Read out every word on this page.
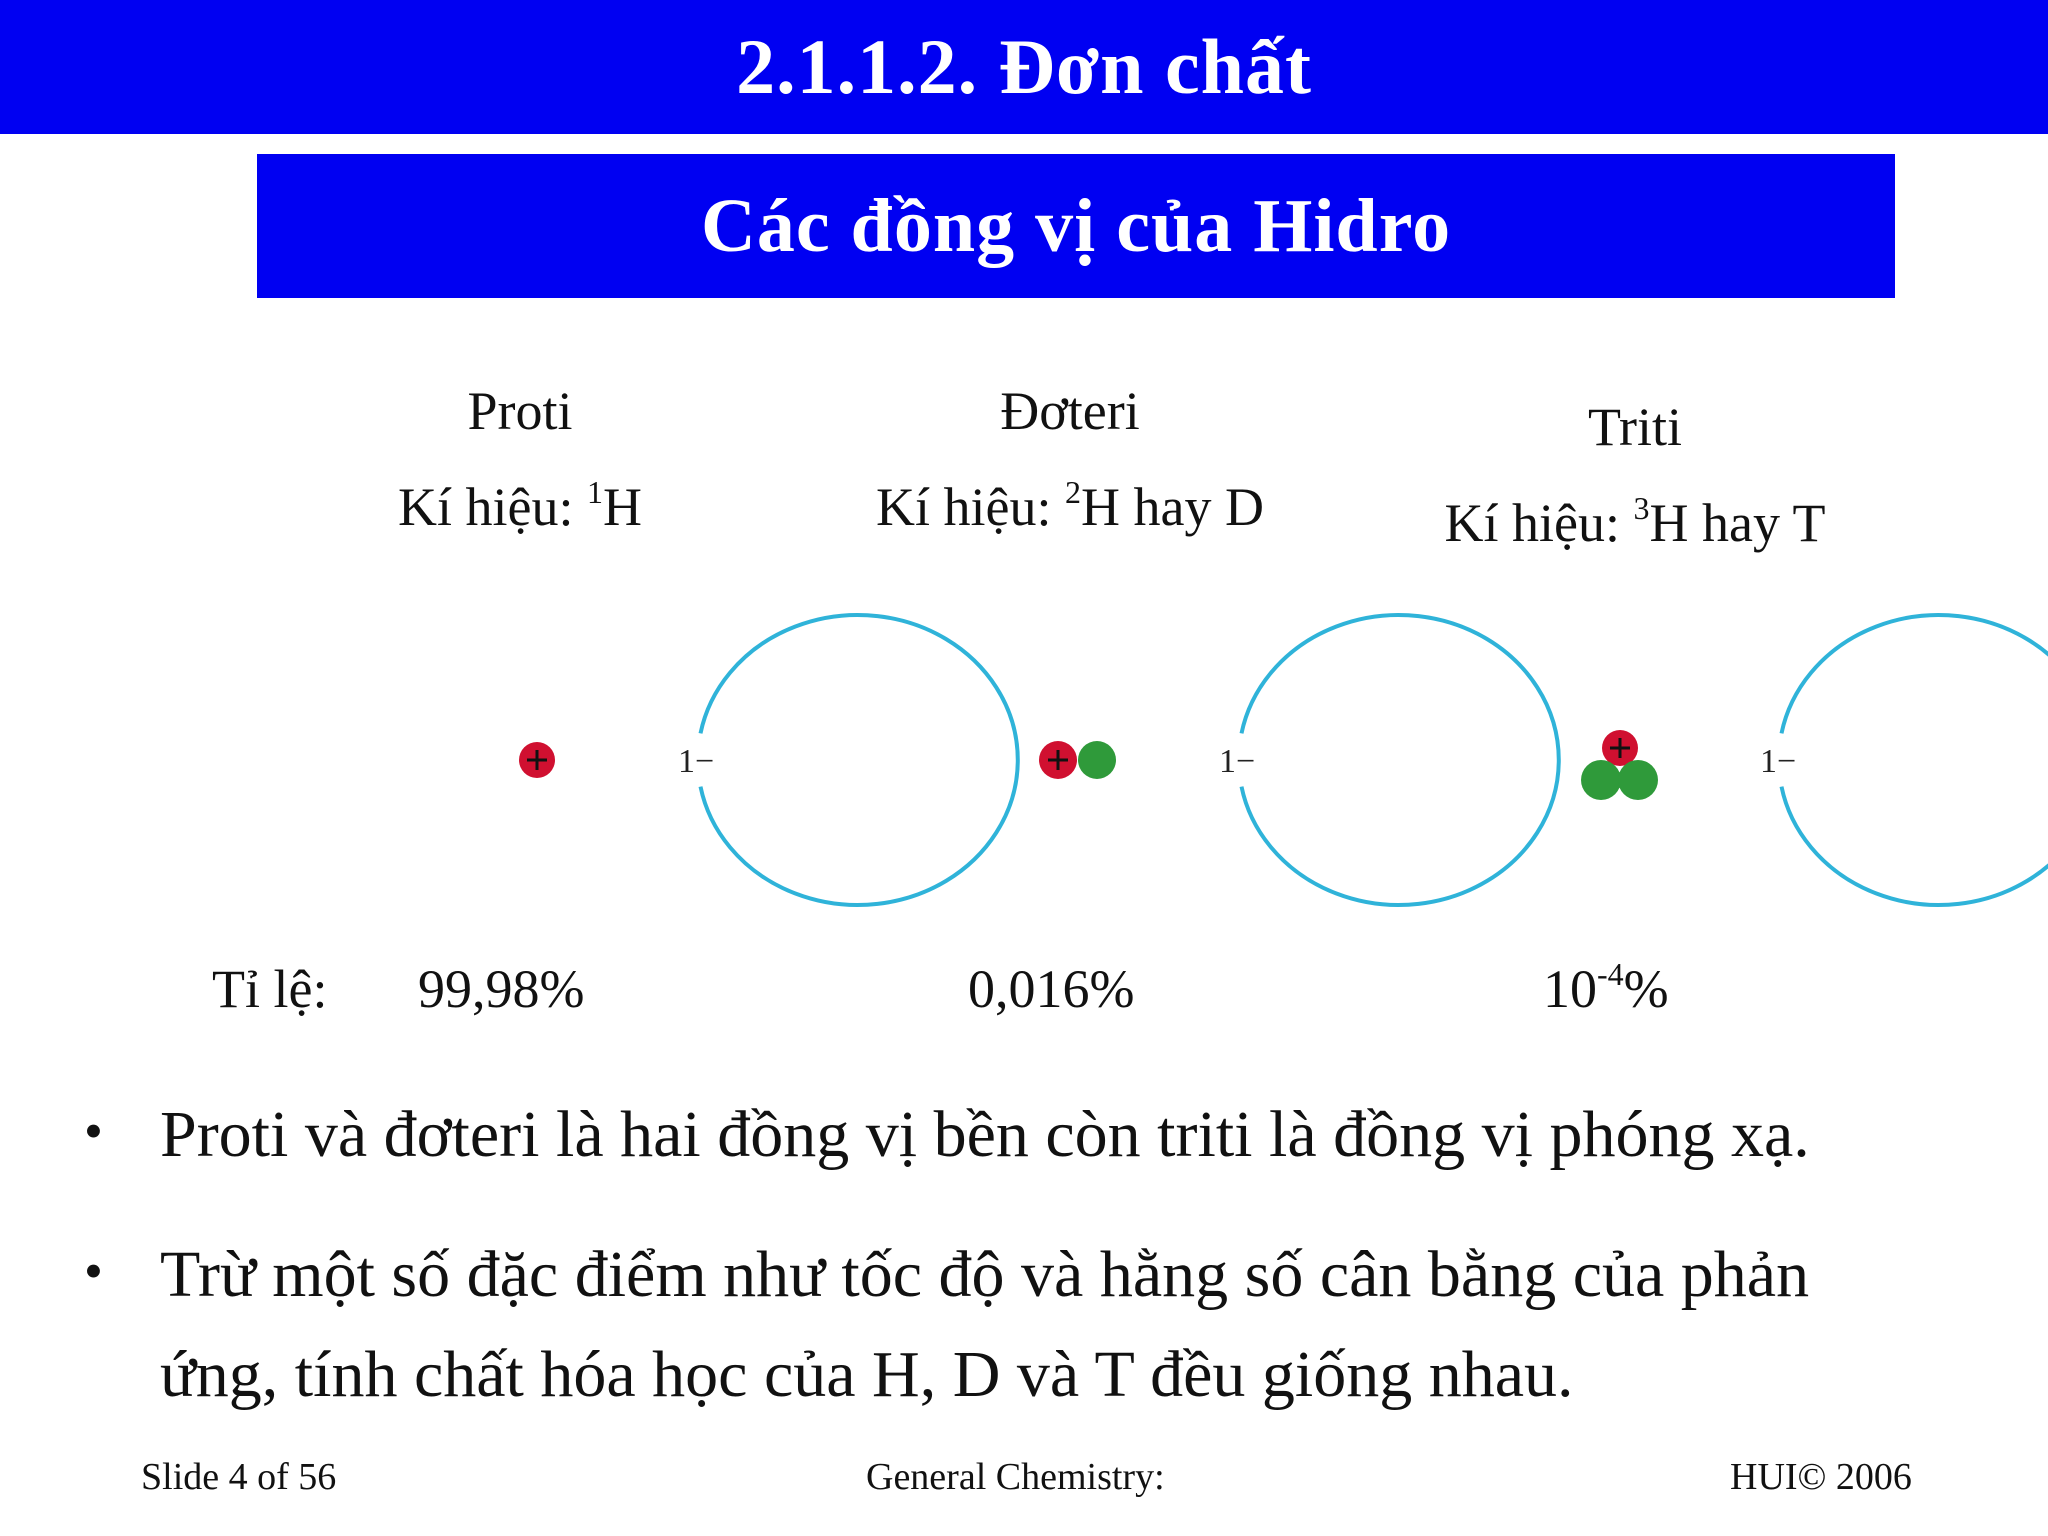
2.1.1.2. Đơn chất
Các đồng vị của Hidro
Proti
Kí hiệu: $^1$H
Đơteri
Kí hiệu: $^2$H hay D
Triti
Kí hiệu: $^3$H hay T
1−	1−	1−
Tỉ lệ: 99,98%	0,016%	$10^{-4}\%$
• Proti và đơteri là hai đồng vị bền còn triti là đồng vị phóng xạ.
• Trừ một số đặc điểm như tốc độ và hằng số cân bằng của phản ứng, tính chất hóa học của H, D và T đều giống nhau.
Slide 4 of 56	General Chemistry:	HUI© 2006
